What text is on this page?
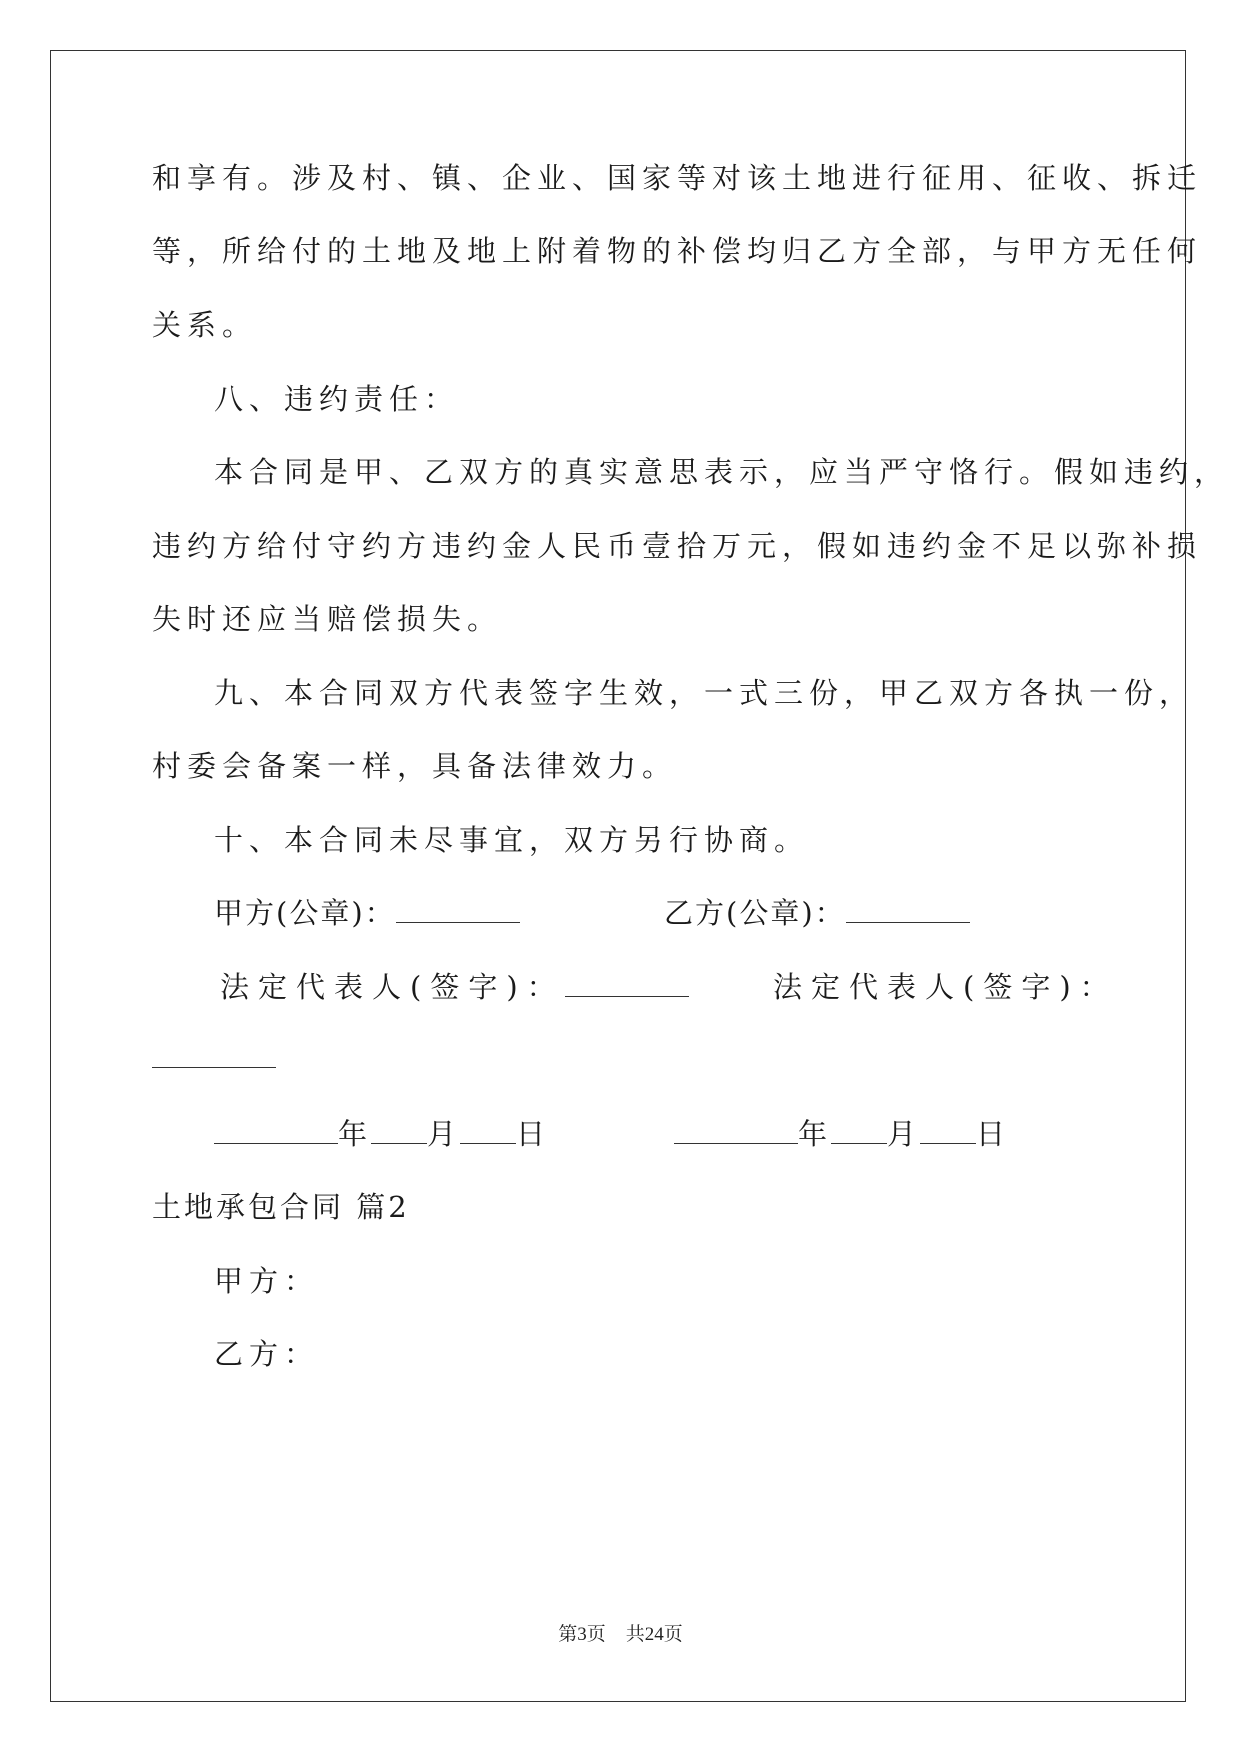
和享有。涉及村、镇、企业、国家等对该土地进行征用、征收、拆迁
等，所给付的土地及地上附着物的补偿均归乙方全部，与甲方无任何
关系。
八、违约责任：
本合同是甲、乙双方的真实意思表示，应当严守恪行。假如违约，
违约方给付守约方违约金人民币壹拾万元，假如违约金不足以弥补损
失时还应当赔偿损失。
九、本合同双方代表签字生效，一式三份，甲乙双方各执一份，
村委会备案一样，具备法律效力。
十、本合同未尽事宜，双方另行协商。
甲方(公章)：	乙方(公章)：
法定代表人(签字)：	法定代表人(签字)：
年 月 日	年 月 日
土地承包合同 篇2
甲方：
乙方：
第3页 共24页
